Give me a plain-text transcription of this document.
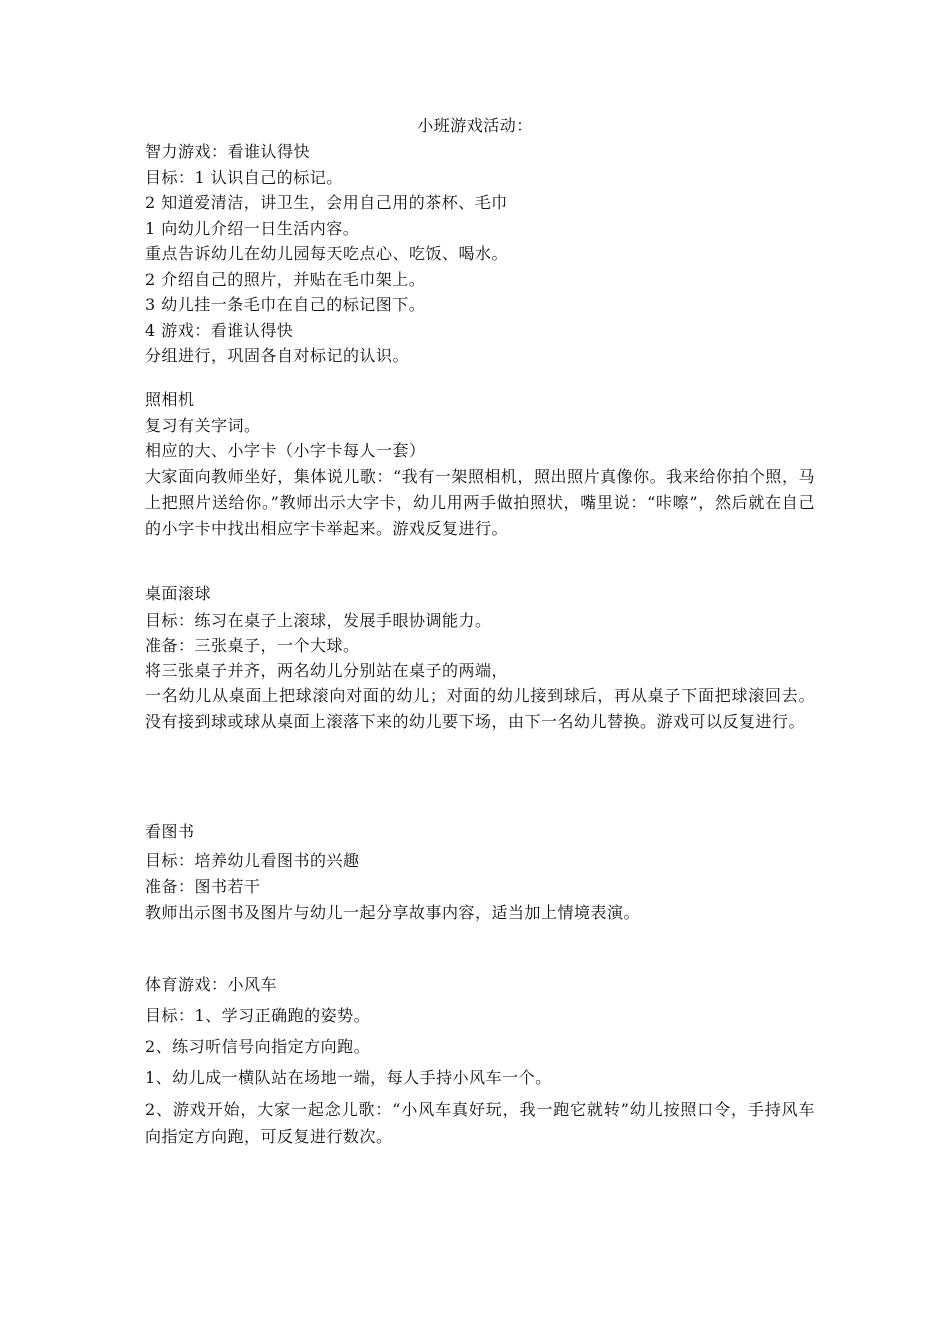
小班游戏活动：
智力游戏：看谁认得快
目标：1 认识自己的标记。
2 知道爱清洁，讲卫生，会用自己用的茶杯、毛巾
1 向幼儿介绍一日生活内容。
重点告诉幼儿在幼儿园每天吃点心、吃饭、喝水。
2 介绍自己的照片，并贴在毛巾架上。
3 幼儿挂一条毛巾在自己的标记图下。
4 游戏：看谁认得快
分组进行，巩固各自对标记的认识。
照相机
复习有关字词。
相应的大、小字卡（小字卡每人一套）
大家面向教师坐好，集体说儿歌：“我有一架照相机，照出照片真像你。我来给你拍个照，马上把照片送给你。”教师出示大字卡，幼儿用两手做拍照状，嘴里说：“咔嚓”，然后就在自己的小字卡中找出相应字卡举起来。游戏反复进行。
桌面滚球
目标：练习在桌子上滚球，发展手眼协调能力。
准备：三张桌子，一个大球。
将三张桌子并齐，两名幼儿分别站在桌子的两端，
一名幼儿从桌面上把球滚向对面的幼儿；对面的幼儿接到球后，再从桌子下面把球滚回去。没有接到球或球从桌面上滚落下来的幼儿要下场，由下一名幼儿替换。游戏可以反复进行。
看图书
目标：培养幼儿看图书的兴趣
准备：图书若干
教师出示图书及图片与幼儿一起分享故事内容，适当加上情境表演。
体育游戏：小风车
目标：1、学习正确跑的姿势。
2、练习听信号向指定方向跑。
1、幼儿成一横队站在场地一端，每人手持小风车一个。
2、游戏开始，大家一起念儿歌：“小风车真好玩，我一跑它就转”幼儿按照口令，手持风车向指定方向跑，可反复进行数次。
